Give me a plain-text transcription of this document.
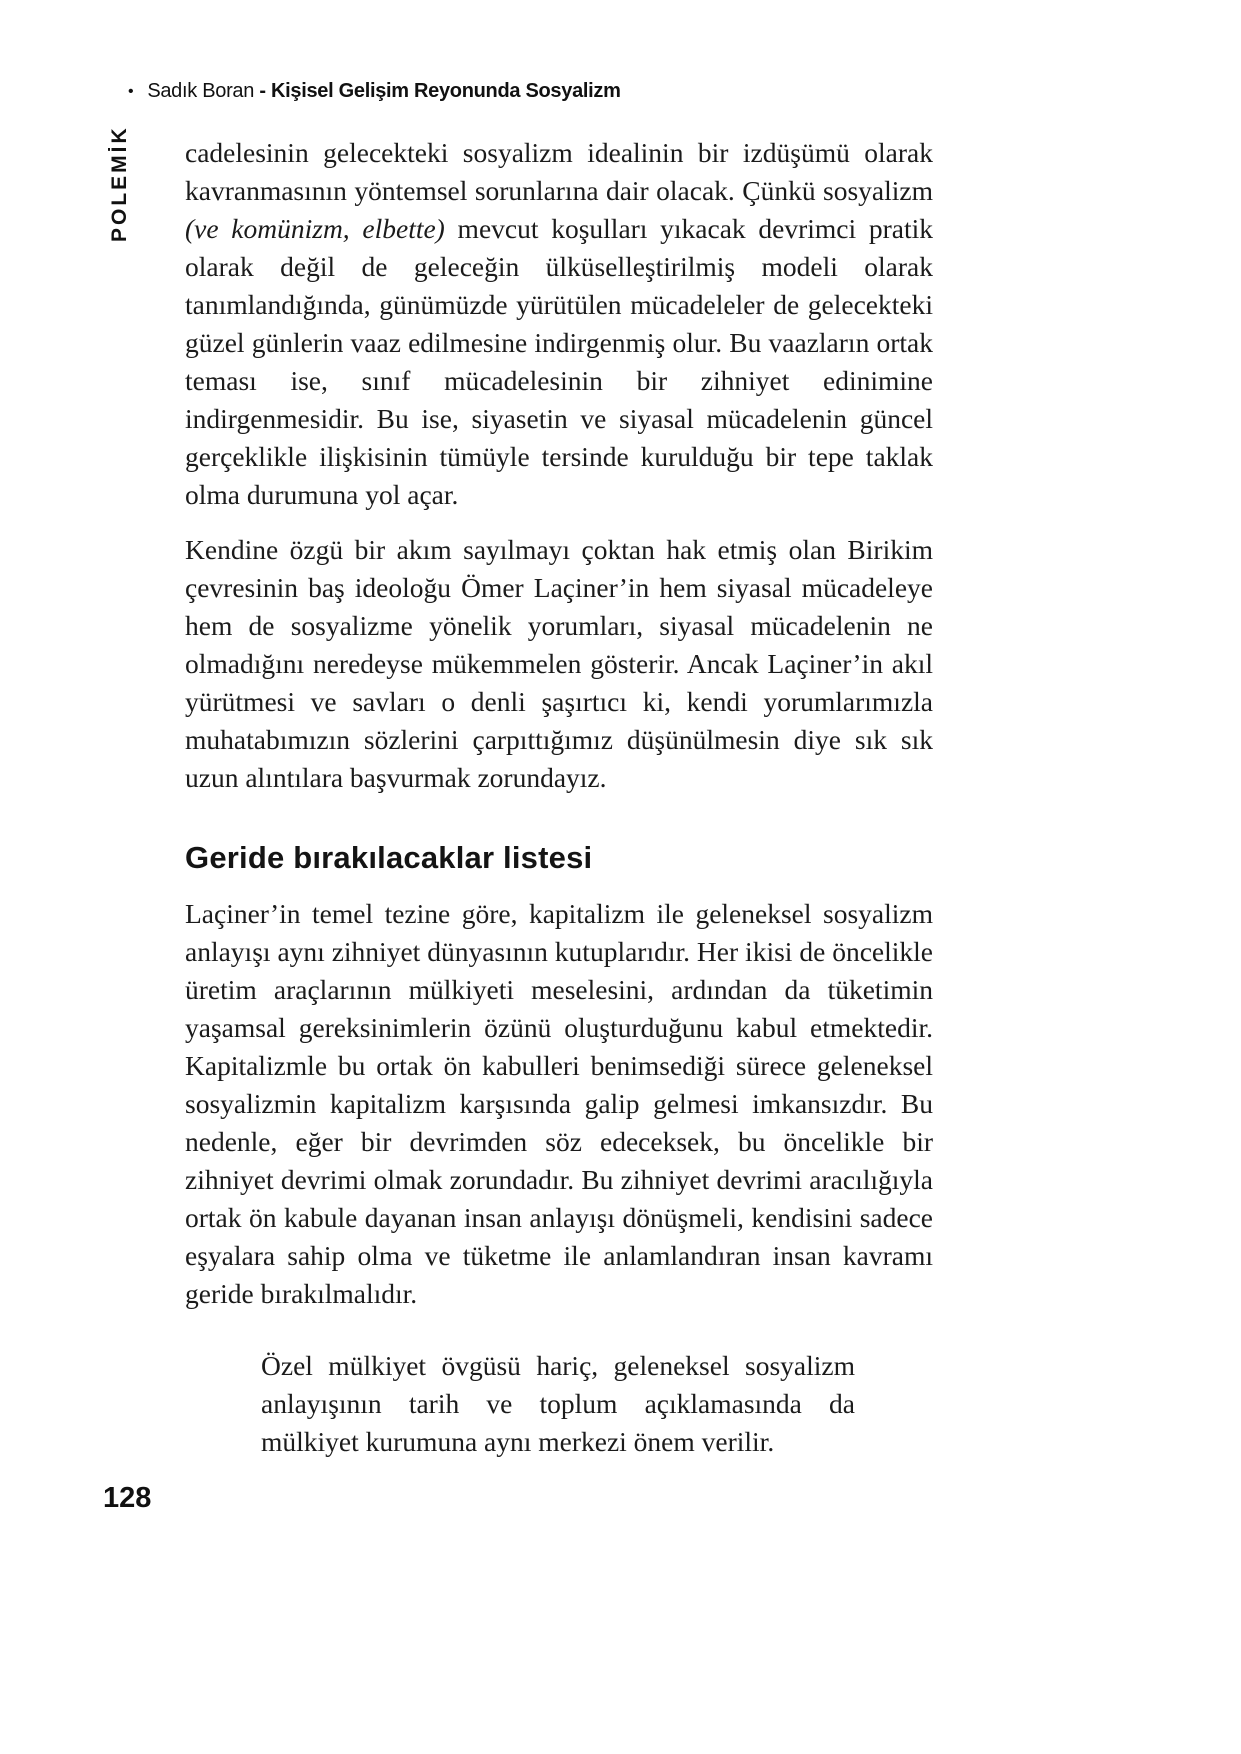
• Sadık Boran - Kişisel Gelişim Reyonunda Sosyalizm
POLEMİK cadelesinin gelecekteki sosyalizm idealinin bir izdüşümü olarak kavranmasının yöntemsel sorunlarına dair olacak. Çünkü sosyalizm (ve komünizm, elbette) mevcut koşulları yıkacak devrimci pratik olarak değil de geleceğin ülküselleştirilmiş modeli olarak tanımlandığında, günümüzde yürütülen mücadeleler de gelecekteki güzel günlerin vaaz edilmesine indirgenmiş olur. Bu vaazların ortak teması ise, sınıf mücadelesinin bir zihniyet edinimine indirgenmesidir. Bu ise, siyasetin ve siyasal mücadelenin güncel gerçeklikle ilişkisinin tümüyle tersinde kurulduğu bir tepe taklak olma durumuna yol açar.

Kendine özgü bir akım sayılmayı çoktan hak etmiş olan Birikim çevresinin baş ideoloğu Ömer Laçiner’in hem siyasal mücadeleye hem de sosyalizme yönelik yorumları, siyasal mücadelenin ne olmadığını neredeyse mükemmelen gösterir. Ancak Laçiner’in akıl yürütmesi ve savları o denli şaşırtıcı ki, kendi yorumlarımızla muhatabımızın sözlerini çarpıttığımız düşünülmesin diye sık sık uzun alıntılara başvurmak zorundayız.

Geride bırakılacaklar listesi

Laçiner’in temel tezine göre, kapitalizm ile geleneksel sosyalizm anlayışı aynı zihniyet dünyasının kutuplarıdır. Her ikisi de öncelikle üretim araçlarının mülkiyeti meselesini, ardından da tüketimin yaşamsal gereksinimlerin özünü oluşturduğunu kabul etmektedir. Kapitalizmle bu ortak ön kabulleri benimsediği sürece geleneksel sosyalizmin kapitalizm karşısında galip gelmesi imkansızdır. Bu nedenle, eğer bir devrimden söz edeceksek, bu öncelikle bir zihniyet devrimi olmak zorundadır. Bu zihniyet devrimi aracılığıyla ortak ön kabule dayanan insan anlayışı dönüşmeli, kendisini sadece eşyalara sahip olma ve tüketme ile anlamlandıran insan kavramı geride bırakılmalıdır.

Özel mülkiyet övgüsü hariç, geleneksel sosyalizm anlayışının tarih ve toplum açıklamasında da mülkiyet kurumuna aynı merkezi önem verilir.
128
